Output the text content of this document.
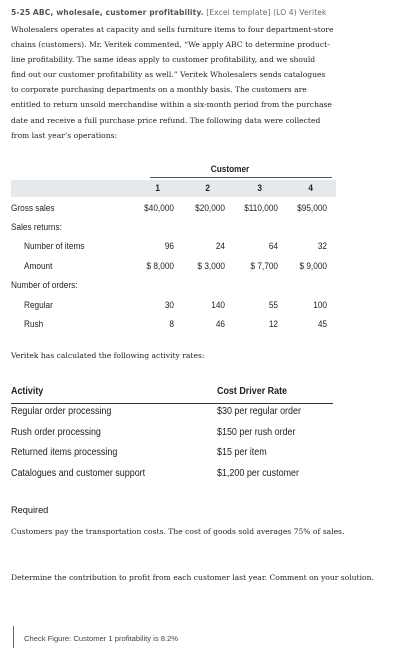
5-25 ABC, wholesale, customer profitability. [Excel template] (LO 4) Veritek
Wholesalers operates at capacity and sells furniture items to four department-store
chains (customers). Mr. Veritek commented, “We apply ABC to determine product-
line profitability. The same ideas apply to customer profitability, and we should
find out our customer profitability as well.” Veritek Wholesalers sends catalogues
to corporate purchasing departments on a monthly basis. The customers are
entitled to return unsold merchandise within a six-month period from the purchase
date and receive a full purchase price refund. The following data were collected
from last year’s operations:
Customer
1	2	3	4
Gross sales	$40,000	$20,000	$110,000	$95,000
Sales returns:
Number of items	96	24	64	32
Amount	$ 8,000	$ 3,000	$ 7,700	$ 9,000
Number of orders:
Regular	30	140	55	100
Rush	8	46	12	45
Veritek has calculated the following activity rates:
Activity	Cost Driver Rate
Regular order processing	$30 per regular order
Rush order processing	$150 per rush order
Returned items processing	$15 per item
Catalogues and customer support	$1,200 per customer
Required
Customers pay the transportation costs. The cost of goods sold averages 75% of sales.
Determine the contribution to profit from each customer last year. Comment on your solution.
Check Figure: Customer 1 profitability is 8.2%
